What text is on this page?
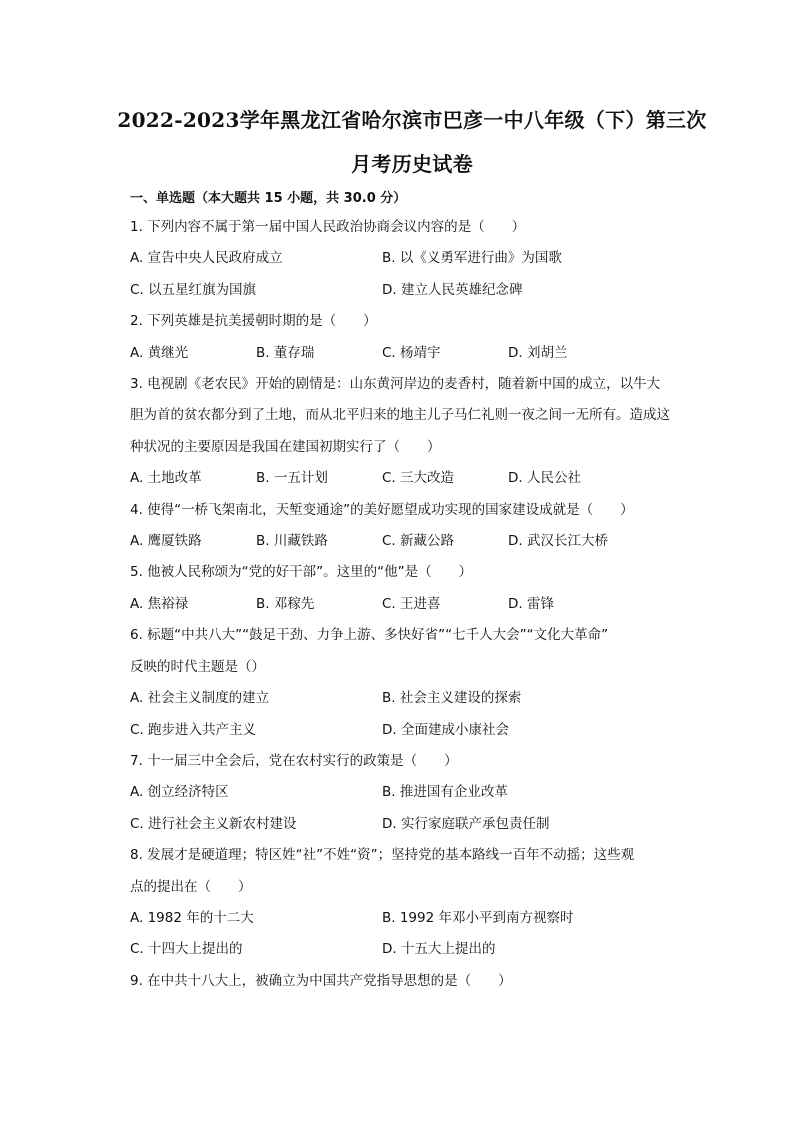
2022-2023学年黑龙江省哈尔滨市巴彦一中八年级（下）第三次
月考历史试卷
一、单选题（本大题共 15 小题，共 30.0 分）
1. 下列内容不属于第一届中国人民政治协商会议内容的是（　　）
A. 宣告中央人民政府成立	B. 以《义勇军进行曲》为国歌
C. 以五星红旗为国旗	D. 建立人民英雄纪念碑
2. 下列英雄是抗美援朝时期的是（　　）
A. 黄继光	B. 董存瑞	C. 杨靖宇	D. 刘胡兰
3. 电视剧《老农民》开始的剧情是：山东黄河岸边的麦香村，随着新中国的成立，以牛大
胆为首的贫农都分到了土地，而从北平归来的地主儿子马仁礼则一夜之间一无所有。造成这
种状况的主要原因是我国在建国初期实行了（　　）
A. 土地改革	B. 一五计划	C. 三大改造	D. 人民公社
4. 使得“一桥飞架南北，天堑变通途”的美好愿望成功实现的国家建设成就是（　　）
A. 鹰厦铁路	B. 川藏铁路	C. 新藏公路	D. 武汉长江大桥
5. 他被人民称颂为“党的好干部”。这里的“他”是（　　）
A. 焦裕禄	B. 邓稼先	C. 王进喜	D. 雷锋
6. 标题“中共八大”“鼓足干劲、力争上游、多快好省”“七千人大会”“文化大革命”
反映的时代主题是（）
A. 社会主义制度的建立	B. 社会主义建设的探索
C. 跑步进入共产主义	D. 全面建成小康社会
7. 十一届三中全会后，党在农村实行的政策是（　　）
A. 创立经济特区	B. 推进国有企业改革
C. 进行社会主义新农村建设	D. 实行家庭联产承包责任制
8. 发展才是硬道理；特区姓“社”不姓“资”；坚持党的基本路线一百年不动摇；这些观
点的提出在（　　）
A. 1982 年的十二大	B. 1992 年邓小平到南方视察时
C. 十四大上提出的	D. 十五大上提出的
9. 在中共十八大上，被确立为中国共产党指导思想的是（　　）
